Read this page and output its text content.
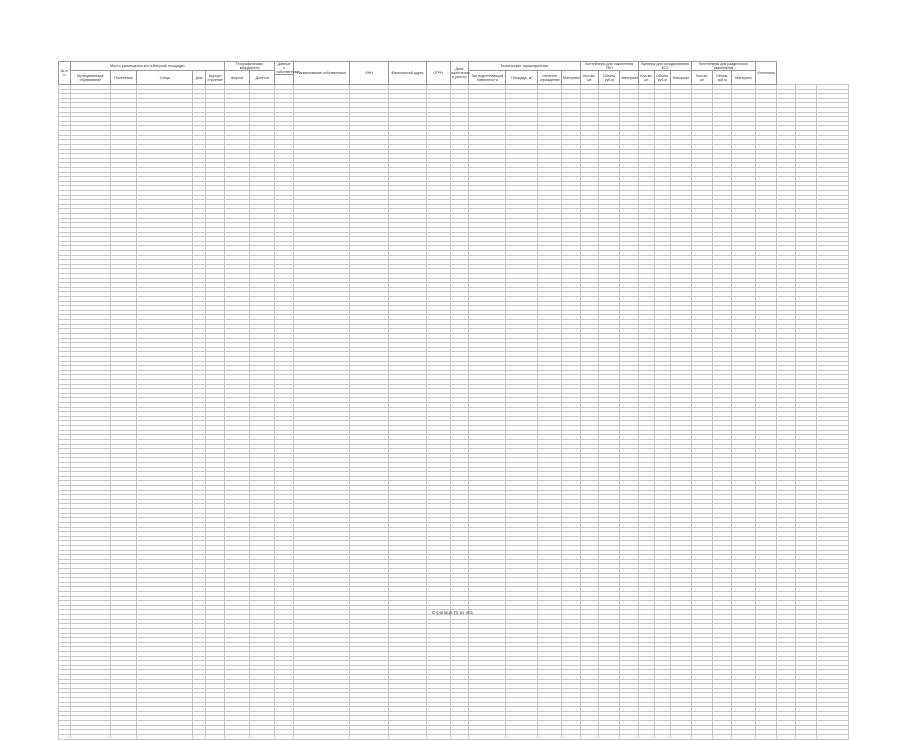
№ п/п	Место размещения контейнерной площадки					Географические координаты		Данные о собственнике	Наименование собственника	ИНН	Фактический адрес	ОГРН	Дата включения в реестр	Технические характеристики				Контейнеры для накопления ТКО			Бункеры для складирования КГО			Контейнеры для раздельного накопления			Источники			
	Муниципальное образование	Поселение	Улица	Дом	Корпус/строение	Широта	Долгота							Тип подстилающей поверхности	Площадь, м²	Наличие ограждения	Материал	Кол-во, шт.	Объем, куб.м	Материал	Кол-во, шт.	Объем, куб.м	Материал	Кол-во, шт.	Объем, куб.м	Материал				

Страница 76 из 481
